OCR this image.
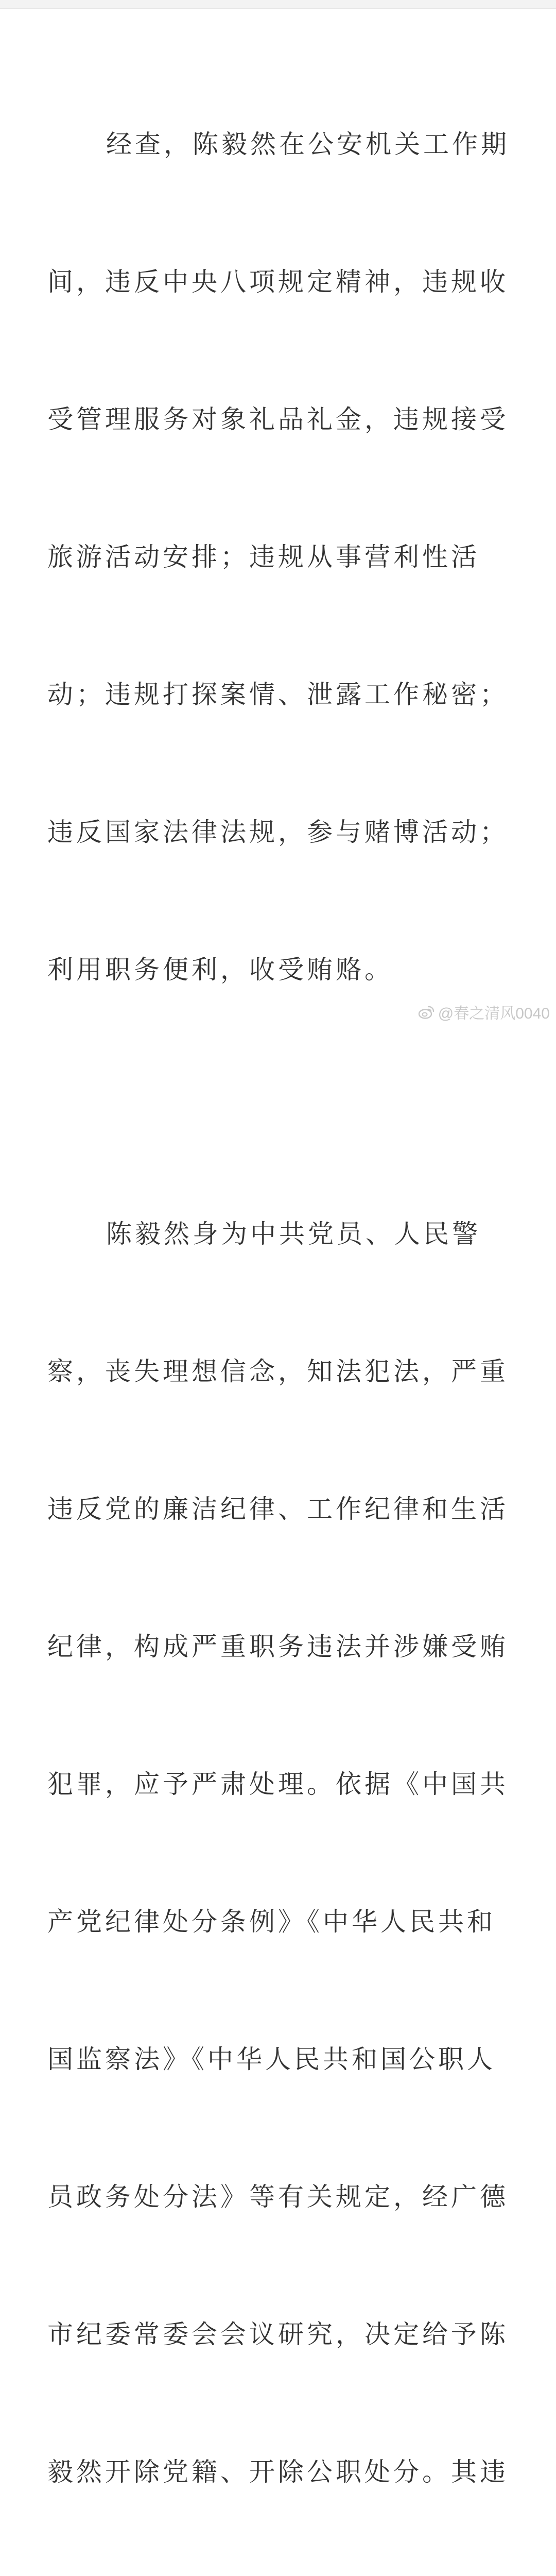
经查，陈毅然在公安机关工作期

间，违反中央八项规定精神，违规收

受管理服务对象礼品礼金，违规接受

旅游活动安排；违规从事营利性活

动；违规打探案情、泄露工作秘密；

违反国家法律法规，参与赌博活动；

利用职务便利，收受贿赂。

陈毅然身为中共党员、人民警

察，丧失理想信念，知法犯法，严重

违反党的廉洁纪律、工作纪律和生活

纪律，构成严重职务违法并涉嫌受贿

犯罪，应予严肃处理。依据《中国共

产党纪律处分条例》《中华人民共和

国监察法》《中华人民共和国公职人

员政务处分法》等有关规定，经广德

市纪委常委会会议研究，决定给予陈

毅然开除党籍、开除公职处分。其违

@春之清风0040
